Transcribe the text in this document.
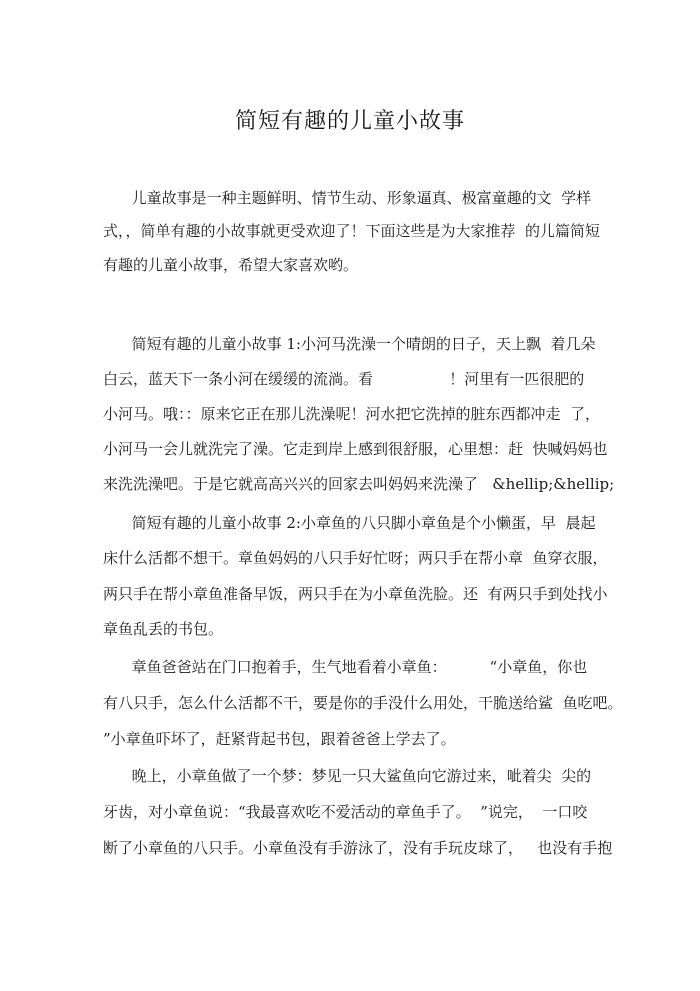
简短有趣的儿童小故事
儿童故事是一种主题鲜明、情节生动、形象逼真、极富童趣的文  学样
式，，简单有趣的小故事就更受欢迎了！下面这些是为大家推荐  的儿篇简短
有趣的儿童小故事，希望大家喜欢哟。
简短有趣的儿童小故事 1:小河马洗澡一个晴朗的日子，天上飘  着几朵
白云，蓝天下一条小河在缓缓的流淌。看                ！河里有一匹很肥的
小河马。哦：：原来它正在那儿洗澡呢！河水把它洗掉的脏东西都冲走  了，
小河马一会儿就洗完了澡。它走到岸上感到很舒服，心里想：赶  快喊妈妈也
来洗洗澡吧。于是它就高高兴兴的回家去叫妈妈来洗澡了   &hellip;&hellip;
简短有趣的儿童小故事 2:小章鱼的八只脚小章鱼是个小懒蛋，早  晨起
床什么活都不想干。章鱼妈妈的八只手好忙呀；两只手在帮小章  鱼穿衣服，
两只手在帮小章鱼准备早饭，两只手在为小章鱼洗脸。还  有两只手到处找小
章鱼乱丢的书包。
章鱼爸爸站在门口抱着手，生气地看着小章鱼：         “小章鱼，你也
有八只手，怎么什么活都不干，要是你的手没什么用处，干脆送给鲨  鱼吃吧。
”小章鱼吓坏了，赶紧背起书包，跟着爸爸上学去了。
晚上，小章鱼做了一个梦：梦见一只大鲨鱼向它游过来，呲着尖  尖的
牙齿，对小章鱼说：“我最喜欢吃不爱活动的章鱼手了。  ”说完，  一口咬
断了小章鱼的八只手。小章鱼没有手游泳了，没有手玩皮球了，   也没有手抱
